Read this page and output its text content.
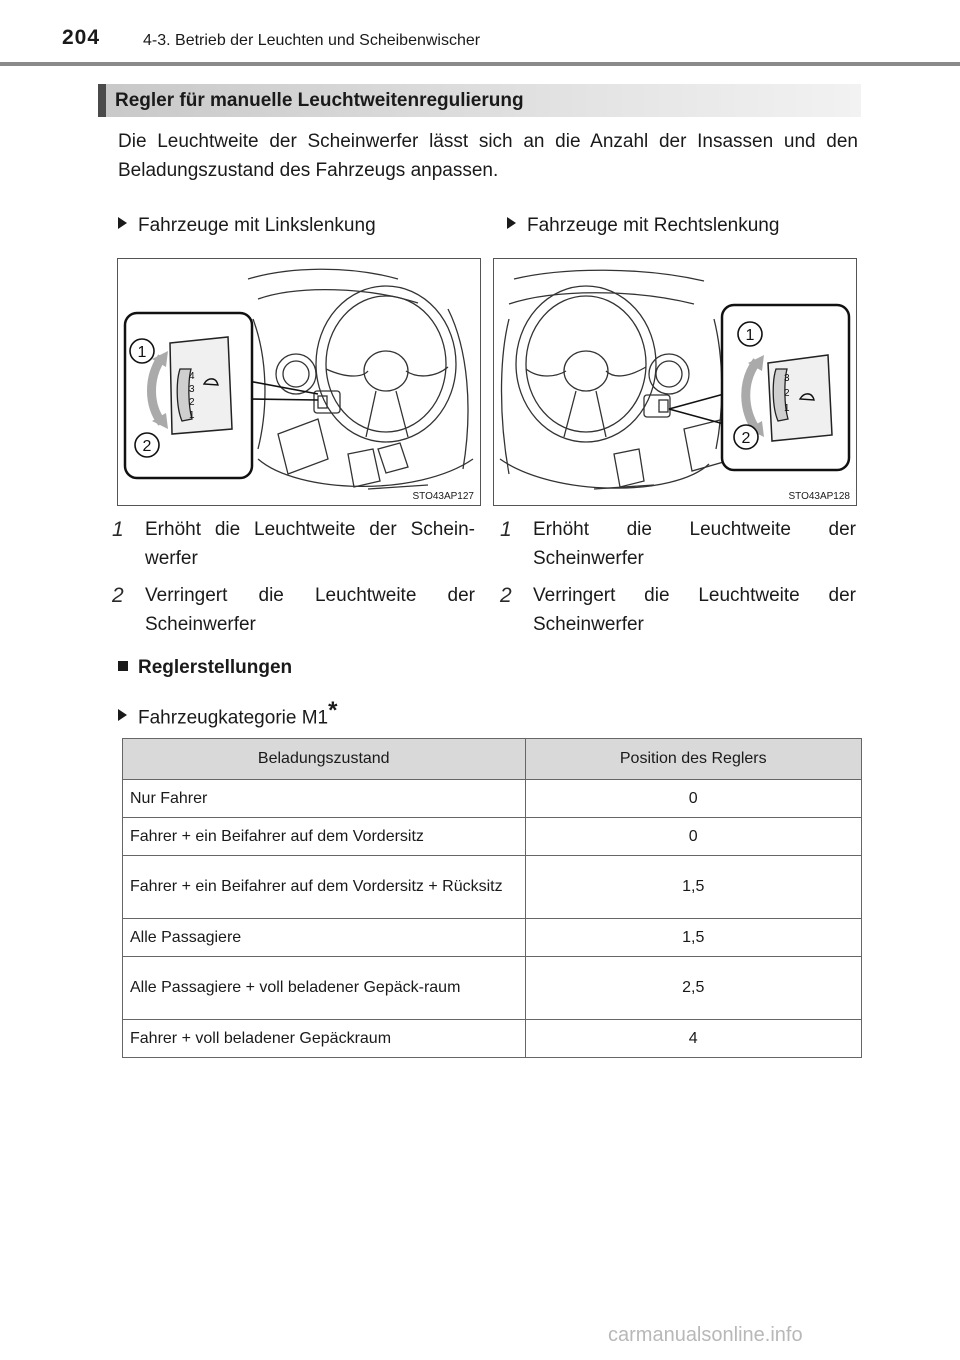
204	4-3. Betrieb der Leuchten und Scheibenwischer
Regler für manuelle Leuchtweitenregulierung
Die Leuchtweite der Scheinwerfer lässt sich an die Anzahl der Insassen und den Beladungszustand des Fahrzeugs anpassen.
Fahrzeuge mit Linkslenkung	Fahrzeuge mit Rechtslenkung
4
3
2
1
1
2
STO43AP127
3
2
1
1
2
STO43AP128
1 Erhöht die Leuchtweite der Schein-werfer
2 Verringert die Leuchtweite der Scheinwerfer
1 Erhöht die Leuchtweite der Scheinwerfer
2 Verringert die Leuchtweite der Scheinwerfer
Reglerstellungen
Fahrzeugkategorie M1*
Beladungszustand	Position des Reglers
Nur Fahrer	0
Fahrer + ein Beifahrer auf dem Vordersitz	0
Fahrer + ein Beifahrer auf dem Vordersitz + Rücksitz	1,5
Alle Passagiere	1,5
Alle Passagiere + voll beladener Gepäck-raum	2,5
Fahrer + voll beladener Gepäckraum	4
carmanualsonline.info
